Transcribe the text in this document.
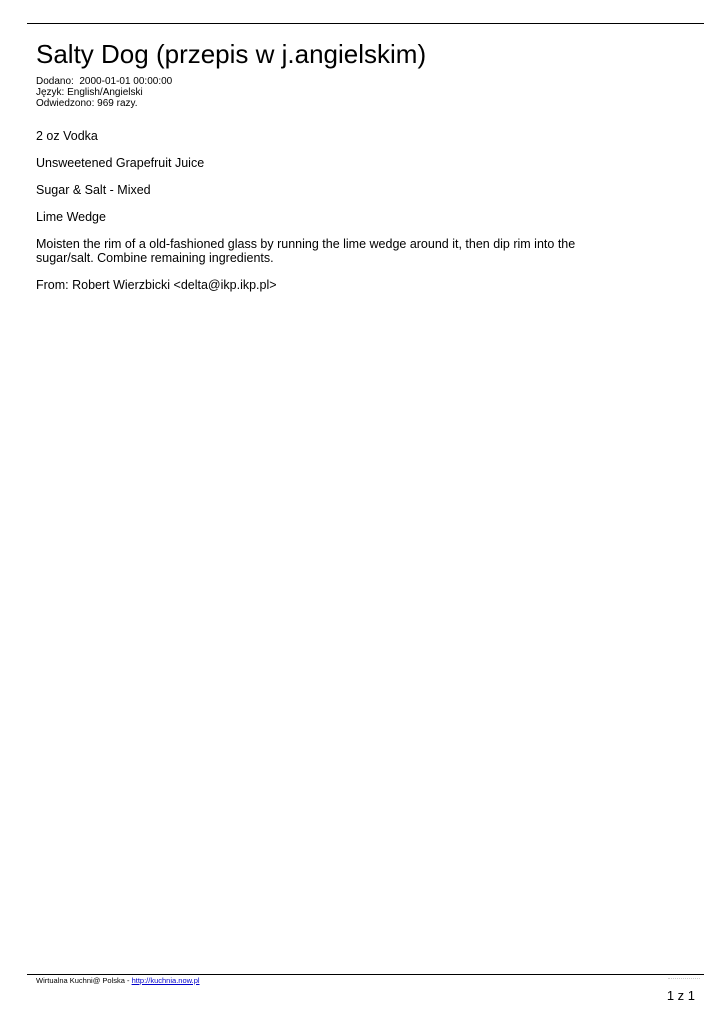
Salty Dog (przepis w j.angielskim)
Dodano:  2000-01-01 00:00:00
Język: English/Angielski
Odwiedzono: 969 razy.

2 oz Vodka

Unsweetened Grapefruit Juice

Sugar & Salt - Mixed

Lime Wedge

Moisten the rim of a old-fashioned glass by running the lime wedge around it, then dip rim into the sugar/salt. Combine remaining ingredients.

From: Robert Wierzbicki <delta@ikp.ikp.pl>

Wirtualna Kuchni@ Polska - http://kuchnia.now.pl
1 z 1
